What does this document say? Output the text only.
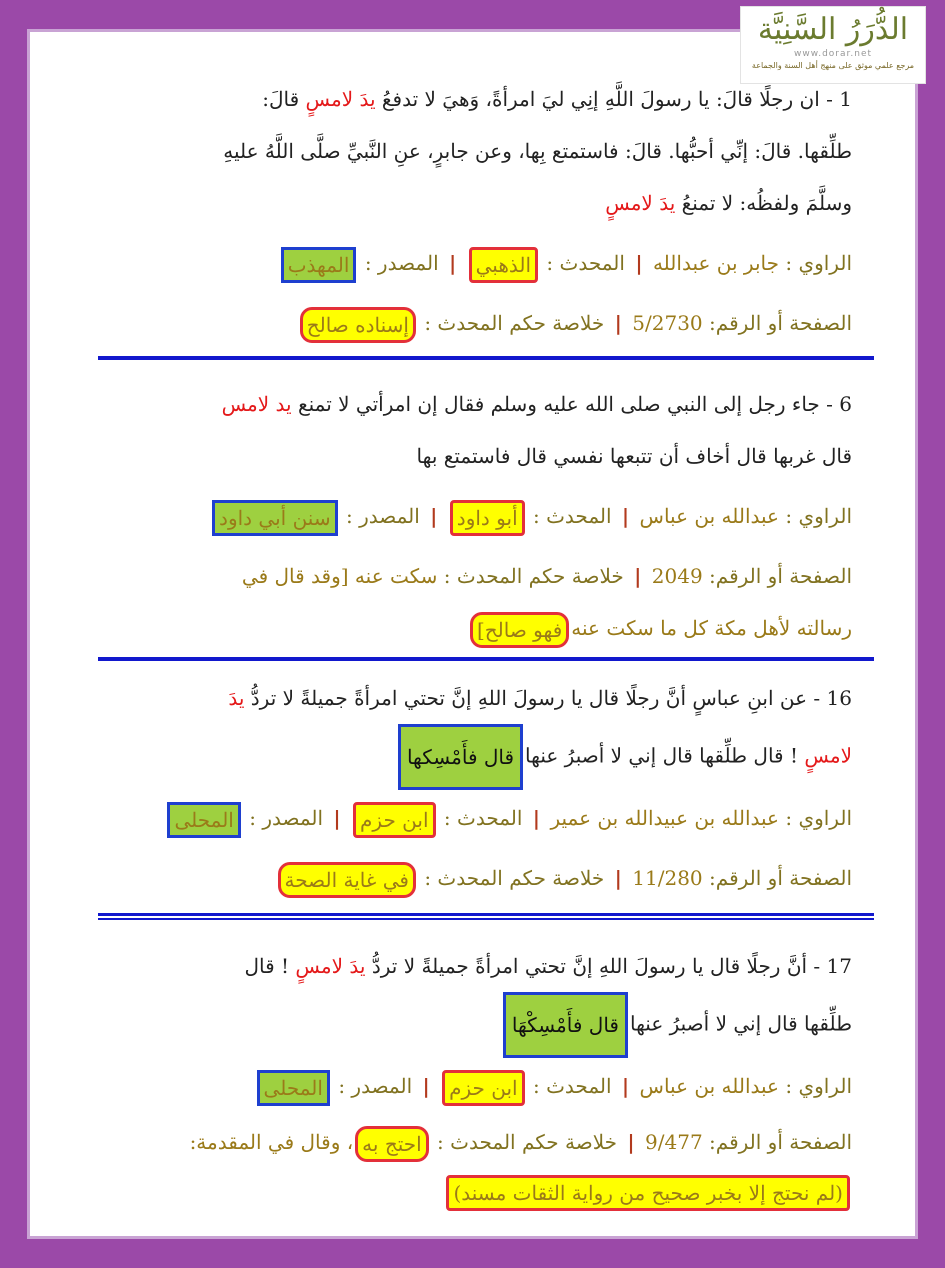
الدُّرَرُ السَّنِيَّة
www.dorar.net
مرجع علمي موثق على منهج أهل السنة والجماعة
1 - ان رجلًا قالَ: يا رسولَ اللَّهِ إنِي ليَ امرأةً، وَهيَ لا تدفعُ يدَ لامسٍ قالَ:
طلِّقها. قالَ: إنِّي أحبُّها. قالَ: فاستمتع بِها، وعن جابرٍ، عنِ النَّبيِّ صلَّى اللَّهُ عليهِ
وسلَّمَ ولفظُه: لا تمنعُ يدَ لامسٍ
الراوي : جابر بن عبدالله | المحدث : الذهبي | المصدر : المهذب
الصفحة أو الرقم: 5/2730 | خلاصة حكم المحدث : إسناده صالح
6 - جاء رجل إلى النبي صلى الله عليه وسلم فقال إن امرأتي لا تمنع يد لامس
قال غربها قال أخاف أن تتبعها نفسي قال فاستمتع بها
الراوي : عبدالله بن عباس | المحدث : أبو داود | المصدر : سنن أبي داود
الصفحة أو الرقم: 2049 | خلاصة حكم المحدث : سكت عنه [وقد قال في
رسالته لأهل مكة كل ما سكت عنهفهو صالح]
16 - عن ابنِ عباسٍ أنَّ رجلًا قال يا رسولَ اللهِ إنَّ تحتي امرأةً جميلةً لا تردُّ يدَ
لامسٍ ! قال طلِّقها قال إني لا أصبرُ عنهاقال فأَمْسِكها
الراوي : عبدالله بن عبيدالله بن عمير | المحدث : ابن حزم | المصدر : المحلى
الصفحة أو الرقم: 11/280 | خلاصة حكم المحدث : في غاية الصحة
17 - أنَّ رجلًا قال يا رسولَ اللهِ إنَّ تحتي امرأةً جميلةً لا تردُّ يدَ لامسٍ ! قال
طلِّقها قال إني لا أصبرُ عنهاقال فأَمْسِكْهَا
الراوي : عبدالله بن عباس | المحدث : ابن حزم | المصدر : المحلى
الصفحة أو الرقم: 9/477 | خلاصة حكم المحدث : احتج به، وقال في المقدمة:
(لم نحتج إلا بخبر صحيح من رواية الثقات مسند)
